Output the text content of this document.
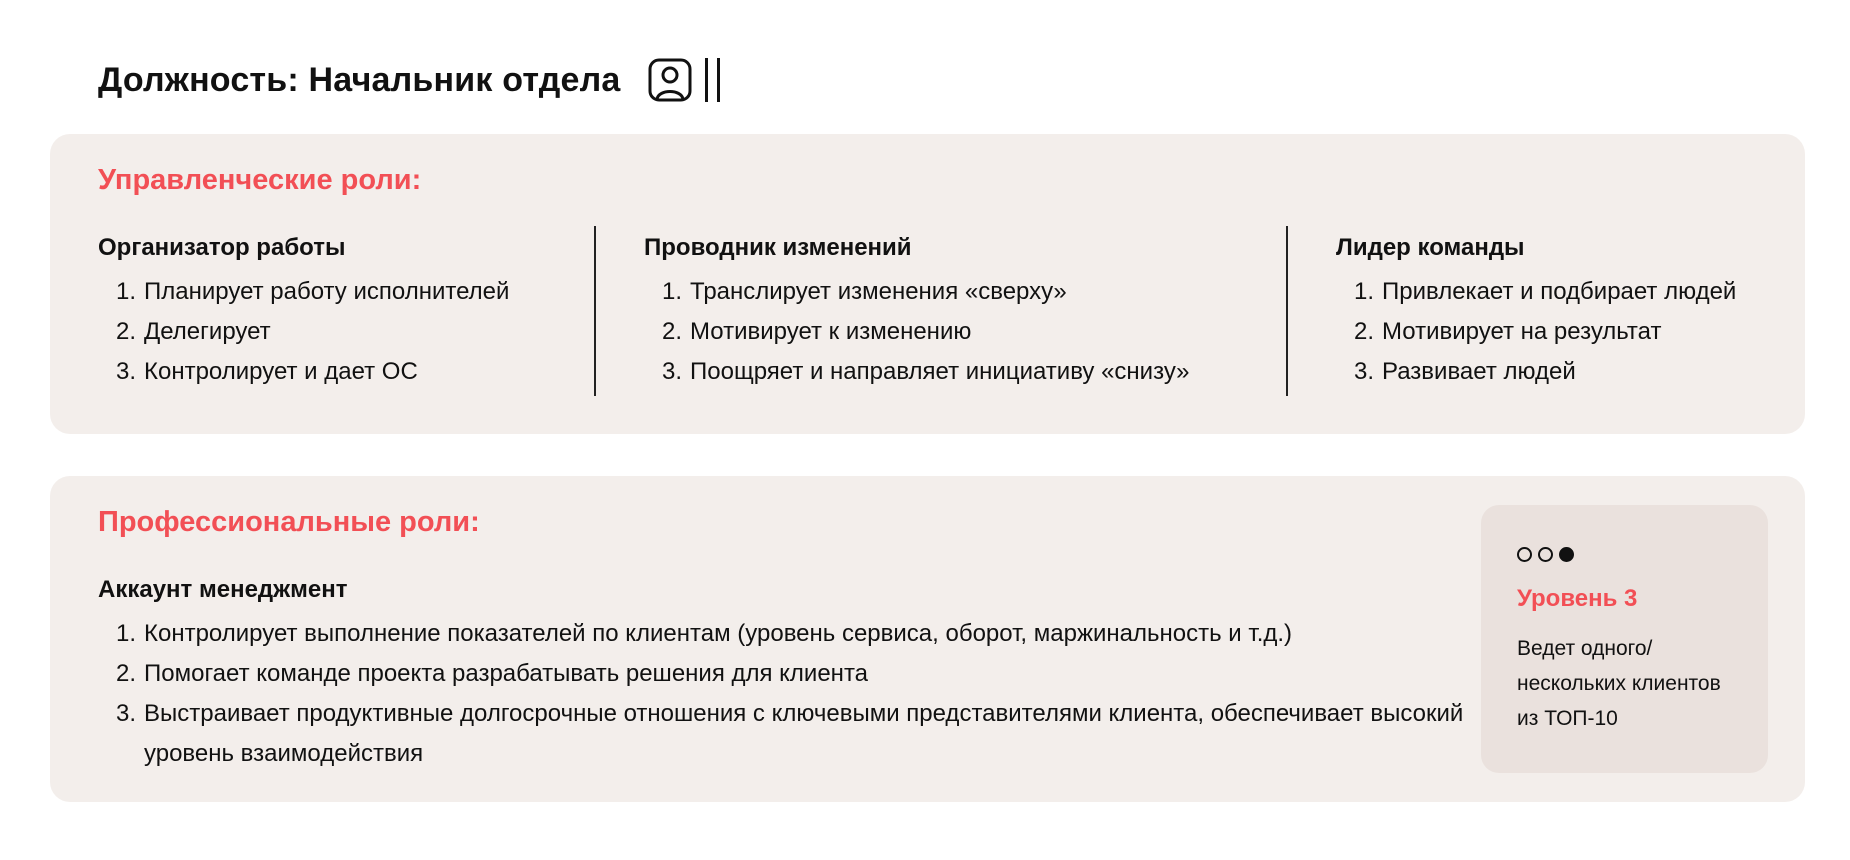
Должность: Начальник отдела
Управленческие роли:
Организатор работы
1. Планирует работу исполнителей
2. Делегирует
3. Контролирует и дает ОС
Проводник изменений
1. Транслирует изменения «сверху»
2. Мотивирует к изменению
3. Поощряет и направляет инициативу «снизу»
Лидер команды
1. Привлекает и подбирает людей
2. Мотивирует на результат
3. Развивает людей
Профессиональные роли:
Аккаунт менеджмент
1. Контролирует выполнение показателей по клиентам (уровень сервиса, оборот, маржинальность и т.д.)
2. Помогает команде проекта разрабатывать решения для клиента
3. Выстраивает продуктивные долгосрочные отношения с ключевыми представителями клиента, обеспечивает высокий уровень взаимодействия
Уровень 3
Ведет одного/ нескольких клиентов из ТОП-10
